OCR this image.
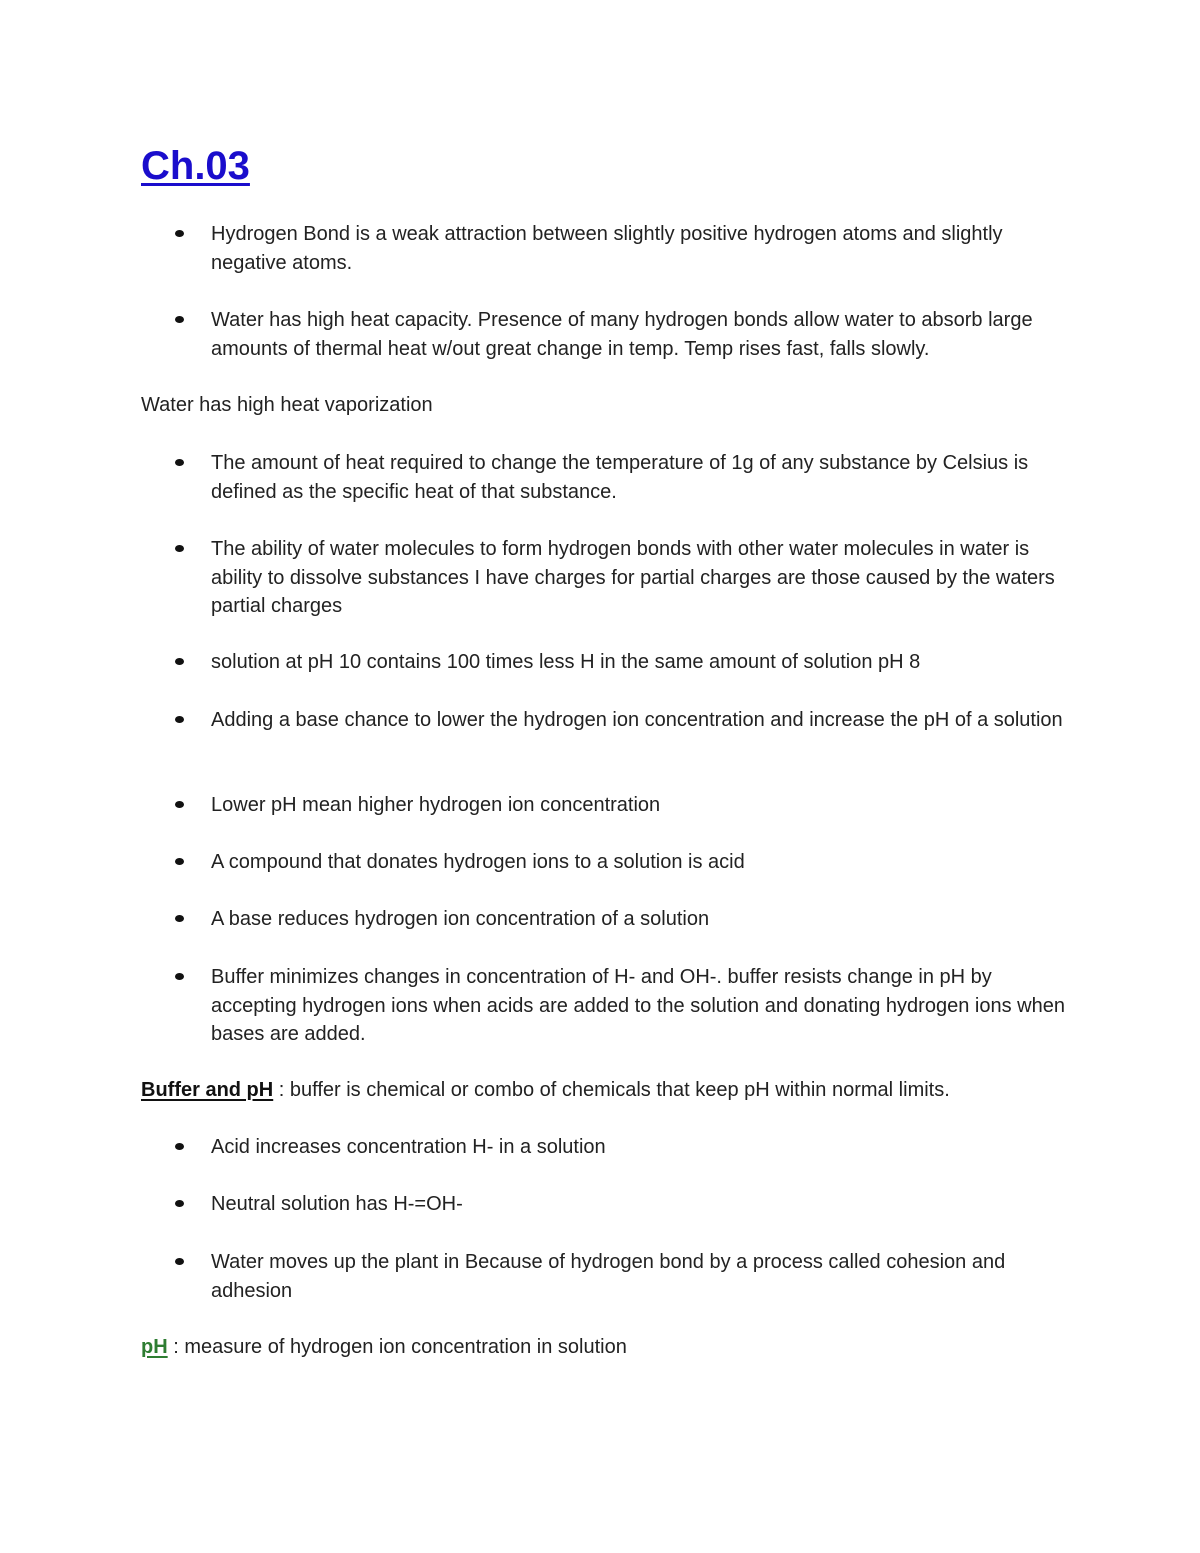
Ch.03
Hydrogen Bond is a weak attraction between slightly positive hydrogen atoms and slightly negative atoms.
Water has high heat capacity. Presence of many hydrogen bonds allow water to absorb large amounts of thermal heat w/out great change in temp. Temp rises fast, falls slowly.
Water has high heat vaporization
The amount of heat required to change the temperature of 1g of any substance by Celsius is defined as the specific heat of that substance.
The ability of water molecules to form hydrogen bonds with other water molecules in water is ability to dissolve substances I have charges for partial charges are those caused by the waters partial charges
solution at pH 10 contains 100 times less H in the same amount of solution pH 8
Adding a base chance to lower the hydrogen ion concentration and increase the pH of a solution
Lower pH mean higher hydrogen ion concentration
A compound that donates hydrogen ions to a solution is acid
A base reduces hydrogen ion concentration of a solution
Buffer minimizes changes in concentration of H- and OH-. buffer resists change in pH by accepting hydrogen ions when acids are added to the solution and donating hydrogen ions when bases are added.
Buffer and pH : buffer is chemical or combo of chemicals that keep pH within normal limits.
Acid increases concentration H- in a solution
Neutral solution has H-=OH-
Water moves up the plant in Because of hydrogen bond by a process called cohesion and adhesion
pH : measure of hydrogen ion concentration in solution
